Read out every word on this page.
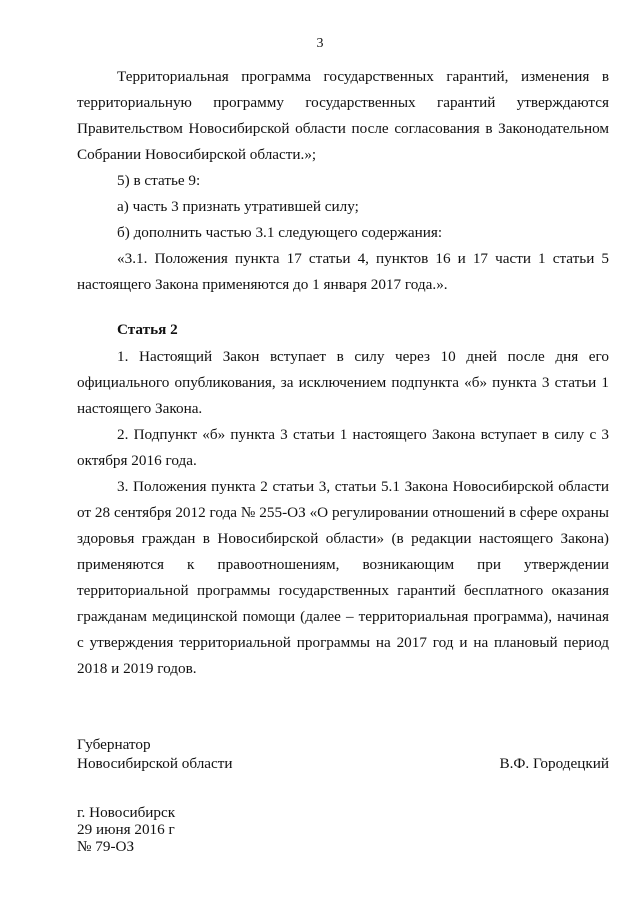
3

Территориальная программа государственных гарантий, изменения в территориальную программу государственных гарантий утверждаются Правительством Новосибирской области после согласования в Законодательном Собрании Новосибирской области.»;

5) в статье 9:

а) часть 3 признать утратившей силу;

б) дополнить частью 3.1 следующего содержания:

«3.1. Положения пункта 17 статьи 4, пунктов 16 и 17 части 1 статьи 5 настоящего Закона применяются до 1 января 2017 года.».

Статья 2

1. Настоящий Закон вступает в силу через 10 дней после дня его официального опубликования, за исключением подпункта «б» пункта 3 статьи 1 настоящего Закона.

2. Подпункт «б» пункта 3 статьи 1 настоящего Закона вступает в силу с 3 октября 2016 года.

3. Положения пункта 2 статьи 3, статьи 5.1 Закона Новосибирской области от 28 сентября 2012 года № 255-ОЗ «О регулировании отношений в сфере охраны здоровья граждан в Новосибирской области» (в редакции настоящего Закона) применяются к правоотношениям, возникающим при утверждении территориальной программы государственных гарантий бесплатного оказания гражданам медицинской помощи (далее – территориальная программа), начиная с утверждения территориальной программы на 2017 год и на плановый период 2018 и 2019 годов.

Губернатор
Новосибирской области	В.Ф. Городецкий
г. Новосибирск
29 июня 2016 г
№ 79-ОЗ
